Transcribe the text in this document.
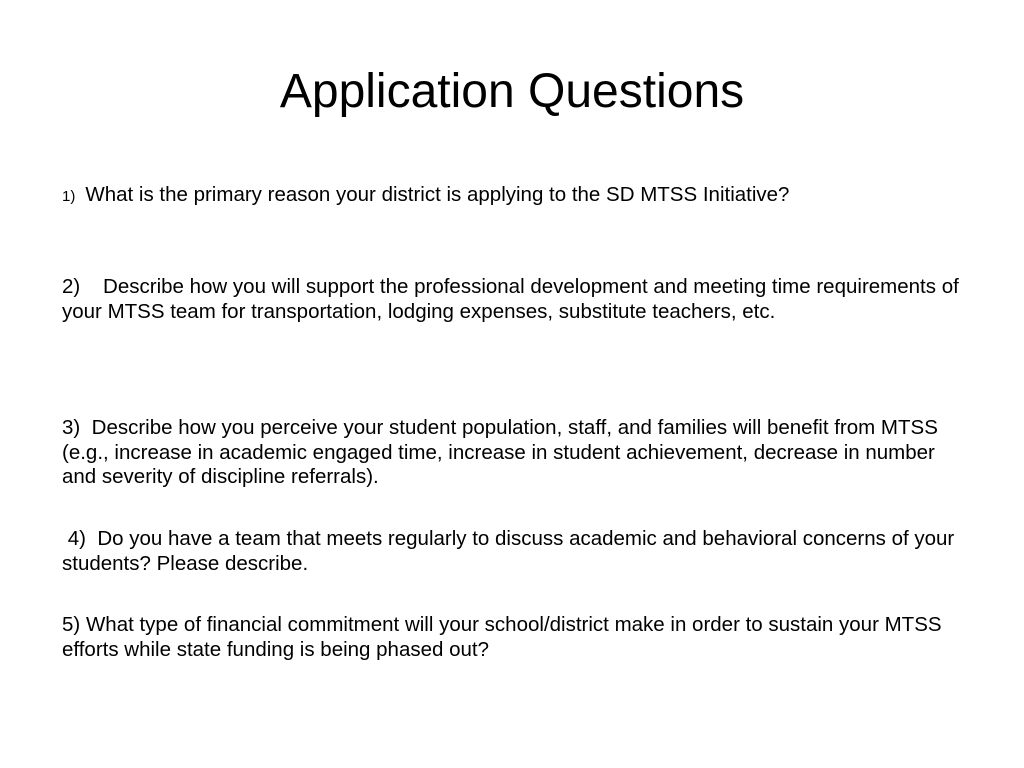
Application Questions

1) What is the primary reason your district is applying to the SD MTSS Initiative?

2) Describe how you will support the professional development and meeting time requirements of your MTSS team for transportation, lodging expenses, substitute teachers, etc.

3) Describe how you perceive your student population, staff, and families will benefit from MTSS (e.g., increase in academic engaged time, increase in student achievement, decrease in number and severity of discipline referrals).

4) Do you have a team that meets regularly to discuss academic and behavioral concerns of your students? Please describe.

5) What type of financial commitment will your school/district make in order to sustain your MTSS efforts while state funding is being phased out?
